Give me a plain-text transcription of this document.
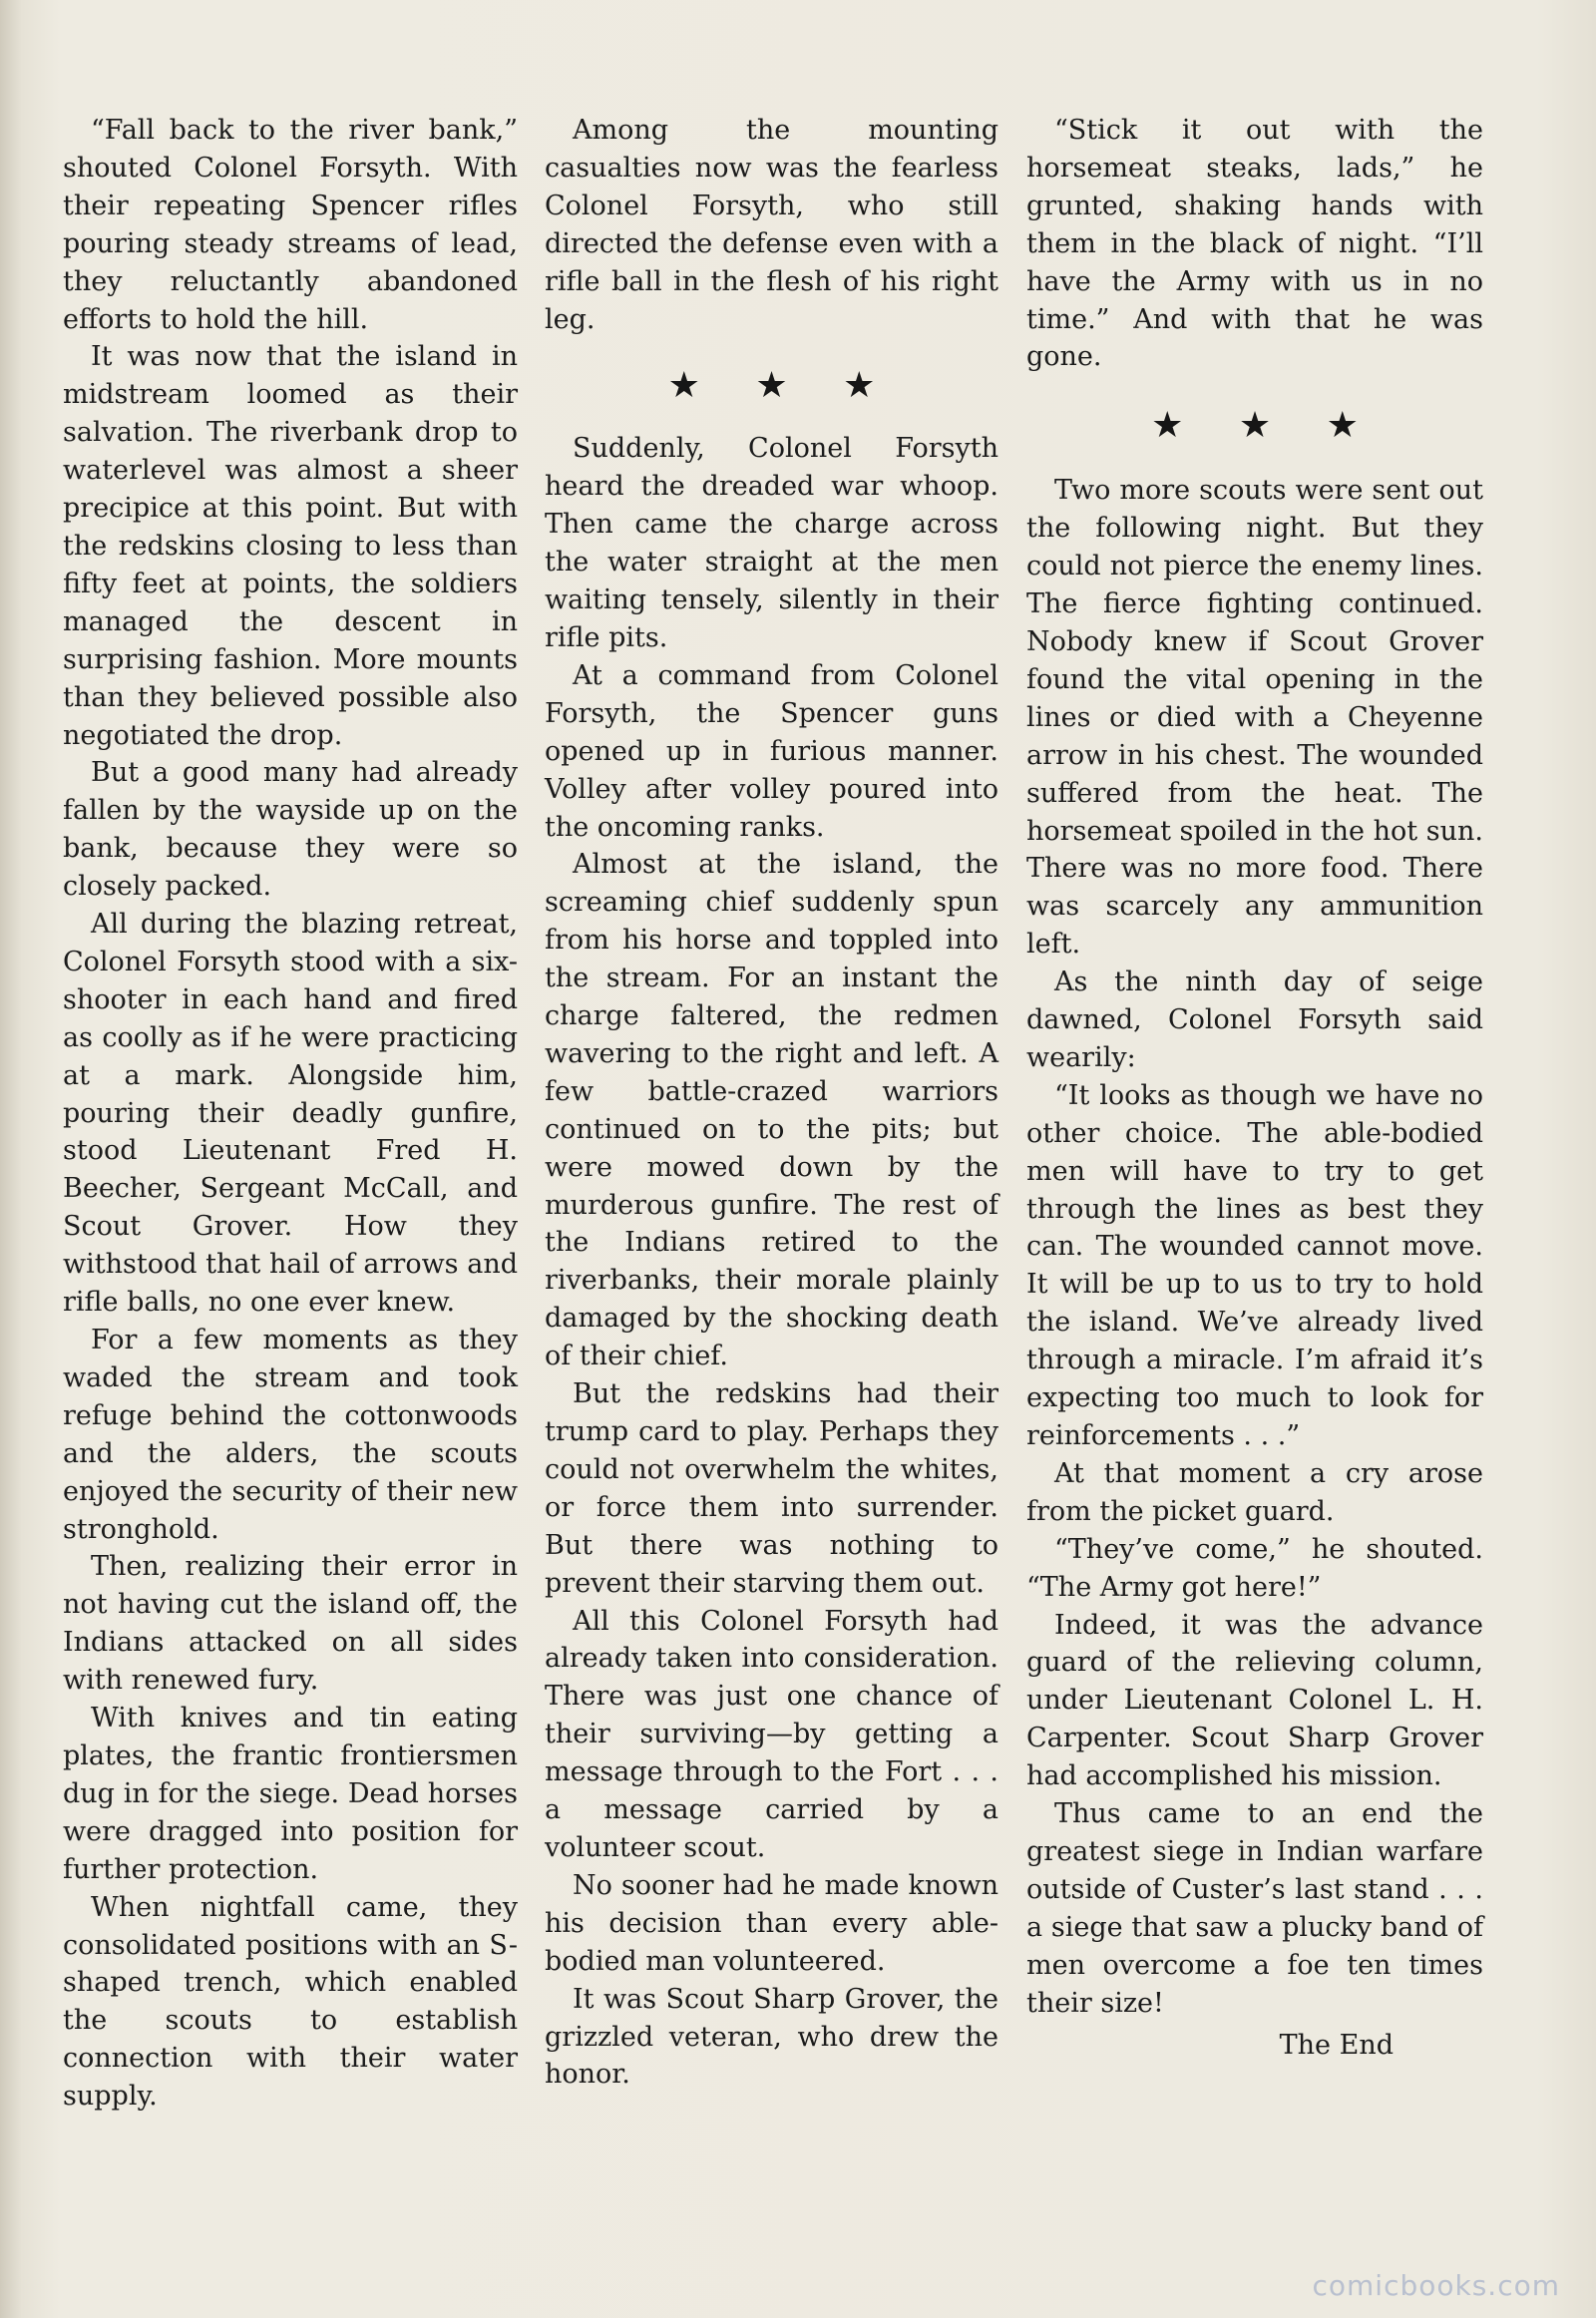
“Fall back to the river bank,” shouted Colonel Forsyth. With their repeating Spencer rifles pouring steady streams of lead, they reluctantly abandoned efforts to hold the hill.

It was now that the island in midstream loomed as their salvation. The riverbank drop to waterlevel was almost a sheer precipice at this point. But with the redskins closing to less than fifty feet at points, the soldiers managed the descent in surprising fashion. More mounts than they believed possible also negotiated the drop.

But a good many had already fallen by the wayside up on the bank, because they were so closely packed.

All during the blazing retreat, Colonel Forsyth stood with a six-shooter in each hand and fired as coolly as if he were practicing at a mark. Alongside him, pouring their deadly gunfire, stood Lieutenant Fred H. Beecher, Sergeant McCall, and Scout Grover. How they withstood that hail of arrows and rifle balls, no one ever knew.

For a few moments as they waded the stream and took refuge behind the cottonwoods and the alders, the scouts enjoyed the security of their new stronghold.

Then, realizing their error in not having cut the island off, the Indians attacked on all sides with renewed fury.

With knives and tin eating plates, the frantic frontiersmen dug in for the siege. Dead horses were dragged into position for further protection.

When nightfall came, they consolidated positions with an S-shaped trench, which enabled the scouts to establish connection with their water supply.

Among the mounting casualties now was the fearless Colonel Forsyth, who still directed the defense even with a rifle ball in the flesh of his right leg.

★ ★ ★

Suddenly, Colonel Forsyth heard the dreaded war whoop. Then came the charge across the water straight at the men waiting tensely, silently in their rifle pits.

At a command from Colonel Forsyth, the Spencer guns opened up in furious manner. Volley after volley poured into the oncoming ranks.

Almost at the island, the screaming chief suddenly spun from his horse and toppled into the stream. For an instant the charge faltered, the redmen wavering to the right and left. A few battle-crazed warriors continued on to the pits; but were mowed down by the murderous gunfire. The rest of the Indians retired to the riverbanks, their morale plainly damaged by the shocking death of their chief.

But the redskins had their trump card to play. Perhaps they could not overwhelm the whites, or force them into surrender. But there was nothing to prevent their starving them out.

All this Colonel Forsyth had already taken into consideration. There was just one chance of their surviving—by getting a message through to the Fort . . . a message carried by a volunteer scout.

No sooner had he made known his decision than every able-bodied man volunteered.

It was Scout Sharp Grover, the grizzled veteran, who drew the honor.

“Stick it out with the horsemeat steaks, lads,” he grunted, shaking hands with them in the black of night. “I’ll have the Army with us in no time.” And with that he was gone.

★ ★ ★

Two more scouts were sent out the following night. But they could not pierce the enemy lines. The fierce fighting continued. Nobody knew if Scout Grover found the vital opening in the lines or died with a Cheyenne arrow in his chest. The wounded suffered from the heat. The horsemeat spoiled in the hot sun. There was no more food. There was scarcely any ammunition left.

As the ninth day of seige dawned, Colonel Forsyth said wearily:

“It looks as though we have no other choice. The able-bodied men will have to try to get through the lines as best they can. The wounded cannot move. It will be up to us to try to hold the island. We’ve already lived through a miracle. I’m afraid it’s expecting too much to look for reinforcements . . .”

At that moment a cry arose from the picket guard.

“They’ve come,” he shouted. “The Army got here!”

Indeed, it was the advance guard of the relieving column, under Lieutenant Colonel L. H. Carpenter. Scout Sharp Grover had accomplished his mission.

Thus came to an end the greatest siege in Indian warfare outside of Custer’s last stand . . . a siege that saw a plucky band of men overcome a foe ten times their size!

The End
comicbooks.com
